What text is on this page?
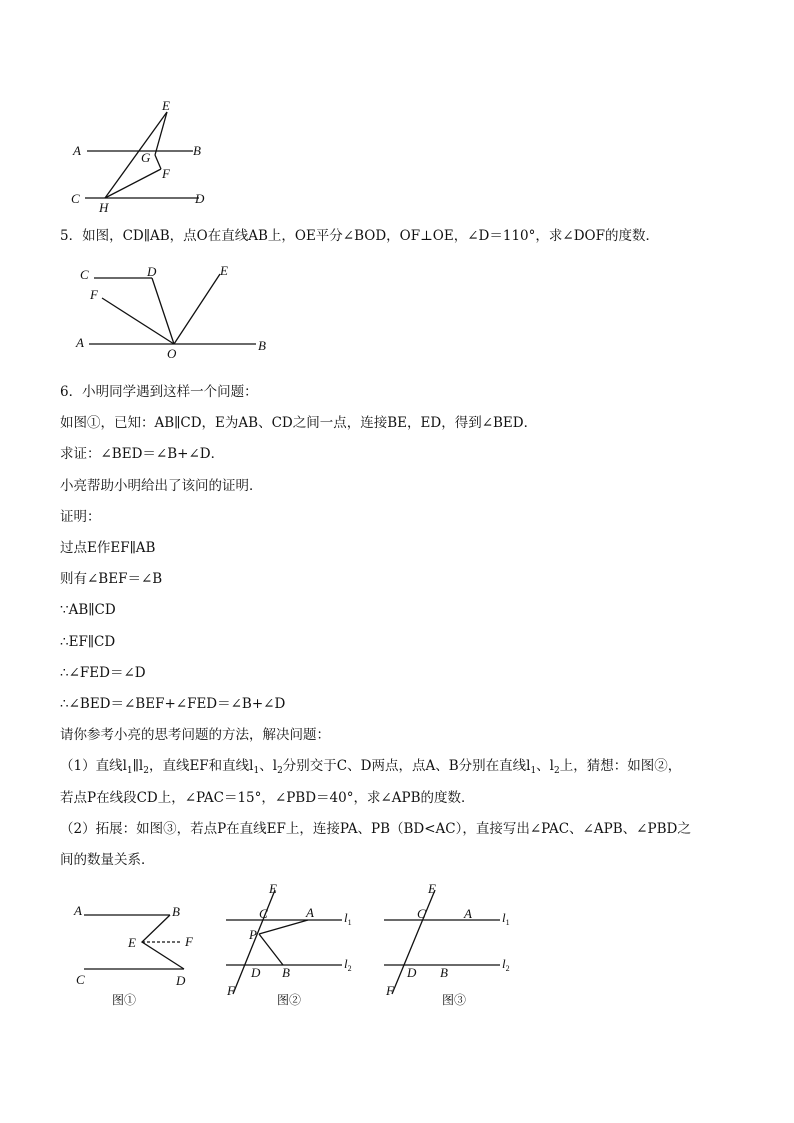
E
A	B
G
F
C
H
D
5．如图，CD∥AB，点O在直线AB上，OE平分∠BOD，OF⊥OE，∠D＝110°，求∠DOF的度数．
C	D	E
F
A
O
B
6．小明同学遇到这样一个问题：
如图①，已知：AB∥CD，E为AB、CD之间一点，连接BE，ED，得到∠BED．
求证：∠BED＝∠B+∠D．
小亮帮助小明给出了该问的证明．
证明：
过点E作EF∥AB
则有∠BEF＝∠B
∵AB∥CD
∴EF∥CD
∴∠FED＝∠D
∴∠BED＝∠BEF+∠FED＝∠B+∠D
请你参考小亮的思考问题的方法，解决问题：
（1）直线$l_1\parallel l_2$，直线EF和直线$l_1$、$l_2$分别交于C、D两点，点A、B分别在直线$l_1$、$l_2$上，猜想：如图②，
若点P在线段CD上，∠PAC＝15°，∠PBD＝40°，求∠APB的度数．
（2）拓展：如图③，若点P在直线EF上，连接PA、PB（BD<AC），直接写出∠PAC、∠APB、∠PBD之
间的数量关系．
A	B
E	F
C	D
图①
E
C	A $l_1$
P
D B
$l_2$
F
图②
E
C	A $l_1$
D B
$l_2$
F
图③
